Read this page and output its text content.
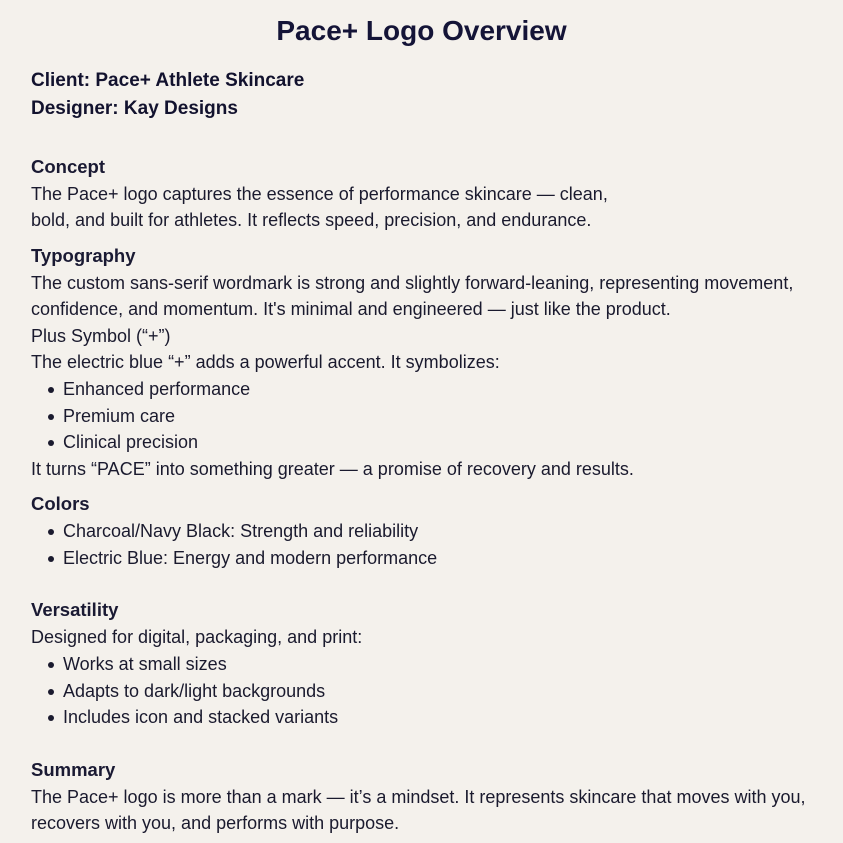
Pace+ Logo Overview

Client: Pace+ Athlete Skincare

Designer: Kay Designs

Concept

The Pace+ logo captures the essence of performance skincare — clean,

bold, and built for athletes. It reflects speed, precision, and endurance.

Typography

The custom sans-serif wordmark is strong and slightly forward-leaning, representing movement,

confidence, and momentum. It's minimal and engineered — just like the product.

Plus Symbol (“+”)

The electric blue “+” adds a powerful accent. It symbolizes:

Enhanced performance
Premium care
Clinical precision

It turns “PACE” into something greater — a promise of recovery and results.

Colors

Charcoal/Navy Black: Strength and reliability
Electric Blue: Energy and modern performance

Versatility

Designed for digital, packaging, and print:

Works at small sizes
Adapts to dark/light backgrounds
Includes icon and stacked variants

Summary

The Pace+ logo is more than a mark — it’s a mindset. It represents skincare that moves with you,

recovers with you, and performs with purpose.
